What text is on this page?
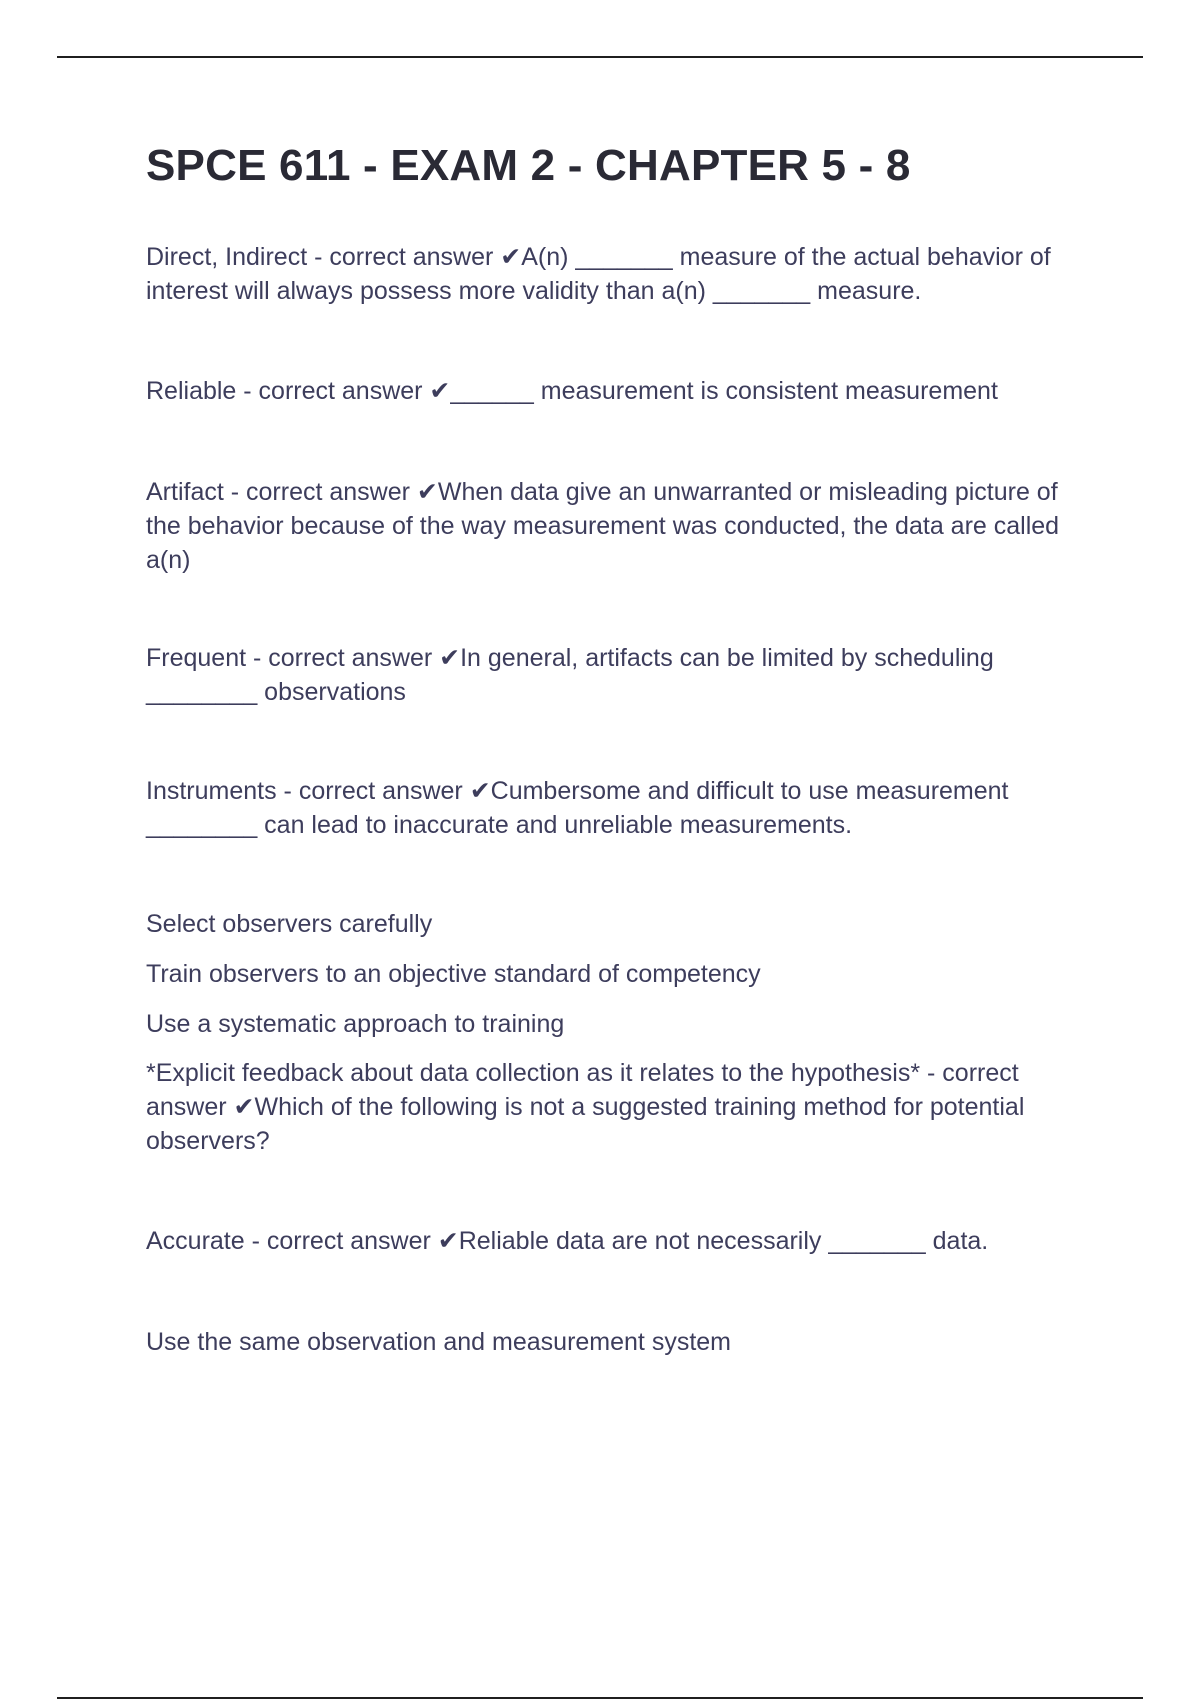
SPCE 611 - EXAM 2 - CHAPTER 5 - 8

Direct, Indirect - correct answer ✔A(n) _______ measure of the actual behavior of interest will always possess more validity than a(n) _______ measure.

Reliable - correct answer ✔______ measurement is consistent measurement

Artifact - correct answer ✔When data give an unwarranted or misleading picture of the behavior because of the way measurement was conducted, the data are called a(n)

Frequent - correct answer ✔In general, artifacts can be limited by scheduling ________ observations

Instruments - correct answer ✔Cumbersome and difficult to use measurement ________ can lead to inaccurate and unreliable measurements.

Select observers carefully

Train observers to an objective standard of competency

Use a systematic approach to training

*Explicit feedback about data collection as it relates to the hypothesis* - correct answer ✔Which of the following is not a suggested training method for potential observers?

Accurate - correct answer ✔Reliable data are not necessarily _______ data.

Use the same observation and measurement system
